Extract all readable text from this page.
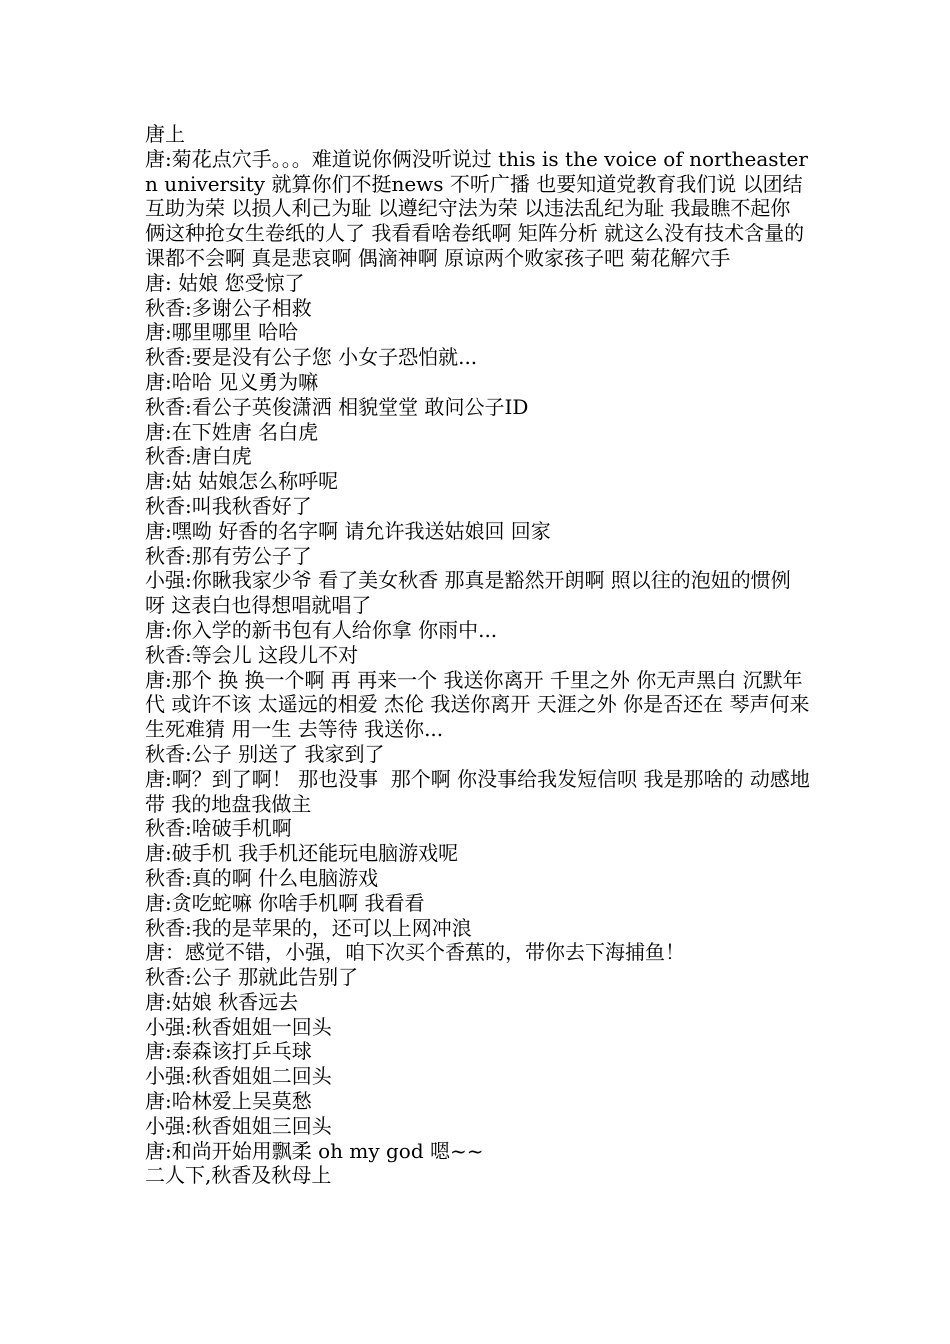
唐上

唐:菊花点穴手。。。难道说你俩没听说过 this is the voice of northeastern university 就算你们不挺news 不听广播 也要知道党教育我们说 以团结互助为荣 以损人利己为耻 以遵纪守法为荣 以违法乱纪为耻 我最瞧不起你俩这种抢女生卷纸的人了 我看看啥卷纸啊 矩阵分析 就这么没有技术含量的课都不会啊 真是悲哀啊 偶滴神啊 原谅两个败家孩子吧 菊花解穴手

唐: 姑娘 您受惊了

秋香:多谢公子相救

唐:哪里哪里 哈哈

秋香:要是没有公子您 小女子恐怕就...

唐:哈哈 见义勇为嘛

秋香:看公子英俊潇洒 相貌堂堂 敢问公子ID

唐:在下姓唐 名白虎

秋香:唐白虎

唐:姑 姑娘怎么称呼呢

秋香:叫我秋香好了

唐:嘿呦 好香的名字啊 请允许我送姑娘回 回家

秋香:那有劳公子了

小强:你瞅我家少爷 看了美女秋香 那真是豁然开朗啊 照以往的泡妞的惯例呀 这表白也得想唱就唱了

唐:你入学的新书包有人给你拿 你雨中...

秋香:等会儿 这段儿不对

唐:那个 换 换一个啊 再 再来一个 我送你离开 千里之外 你无声黑白 沉默年代 或许不该 太遥远的相爱 杰伦 我送你离开 天涯之外 你是否还在 琴声何来 生死难猜 用一生 去等待 我送你...

秋香:公子 别送了 我家到了

唐:啊？到了啊！ 那也没事  那个啊 你没事给我发短信呗 我是那啥的 动感地带 我的地盘我做主

秋香:啥破手机啊

唐:破手机 我手机还能玩电脑游戏呢

秋香:真的啊 什么电脑游戏

唐:贪吃蛇嘛 你啥手机啊 我看看

秋香:我的是苹果的，还可以上网冲浪

唐：感觉不错，小强，咱下次买个香蕉的，带你去下海捕鱼！

秋香:公子 那就此告别了

唐:姑娘 秋香远去

小强:秋香姐姐一回头

唐:泰森该打乒乓球

小强:秋香姐姐二回头

唐:哈林爱上吴莫愁

小强:秋香姐姐三回头

唐:和尚开始用飘柔 oh my god 嗯~~

二人下,秋香及秋母上
